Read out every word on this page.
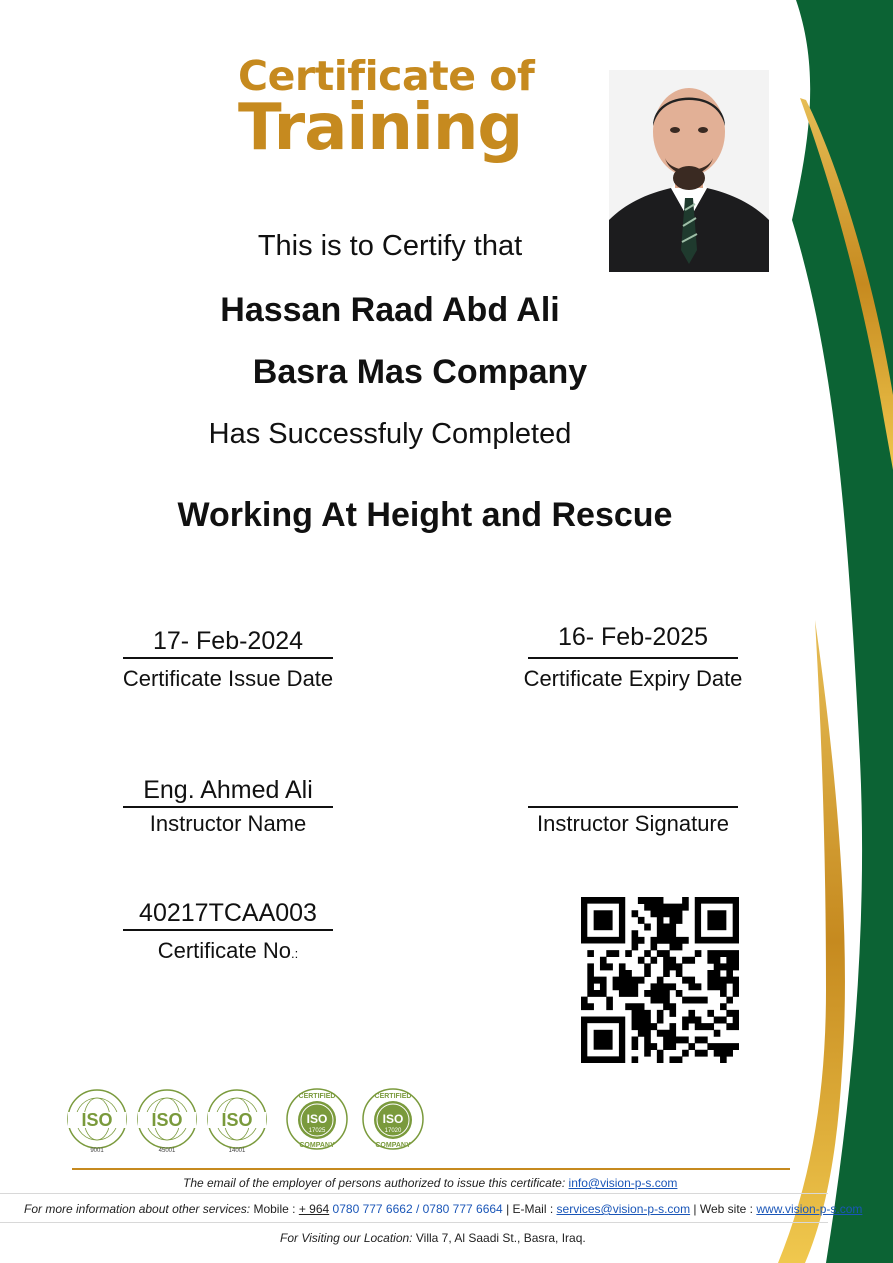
Certificate of
Training
This is to Certify that
Hassan Raad Abd Ali
Basra Mas Company
Has Successfuly Completed
Working At Height and Rescue
17- Feb-2024
Certificate Issue Date
16- Feb-2025
Certificate Expiry Date
Eng. Ahmed Ali
Instructor Name	Instructor Signature
40217TCAA003
Certificate No.:
ISO
9001
ISO
45001
ISO
14001
ISO
17025
CERTIFIED
COMPANY
ISO
17020
CERTIFIED
COMPANY
The email of the employer of persons authorized to issue this certificate: info@vision-p-s.com
For more information about other services: Mobile : + 964 0780 777 6662 / 0780 777 6664 | E-Mail : services@vision-p-s.com | Web site : www.vision-p-s.com
For Visiting our Location: Villa 7, Al Saadi St., Basra, Iraq.
